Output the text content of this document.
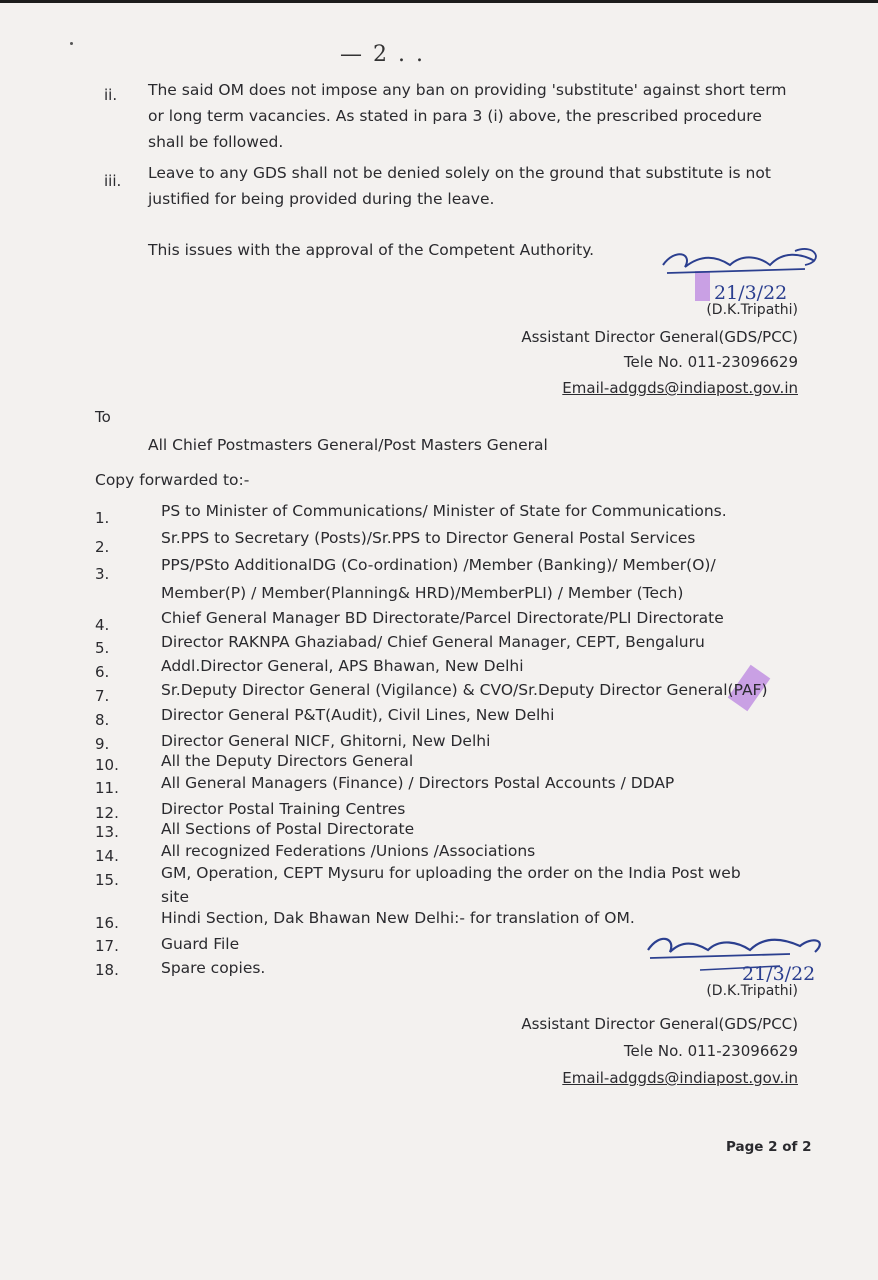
— 2 . .
ii. The said OM does not impose any ban on providing 'substitute' against short term or long term vacancies. As stated in para 3 (i) above, the prescribed procedure shall be followed.
iii. Leave to any GDS shall not be denied solely on the ground that substitute is not justified for being provided during the leave.
This issues with the approval of the Competent Authority.
21/3/22
(D.K.Tripathi)
Assistant Director General(GDS/PCC)
Tele No. 011-23096629
Email-adggds@indiapost.gov.in
To
All Chief Postmasters General/Post Masters General
Copy forwarded to:-
1.	PS to Minister of Communications/ Minister of State for Communications.
2.	Sr.PPS to Secretary (Posts)/Sr.PPS to Director General Postal Services
3.	PPS/PSto AdditionalDG (Co-ordination) /Member (Banking)/ Member(O)/
Member(P) / Member(Planning& HRD)/MemberPLI) / Member (Tech)
4.	Chief General Manager BD Directorate/Parcel Directorate/PLI Directorate
5.	Director RAKNPA Ghaziabad/ Chief General Manager, CEPT, Bengaluru
6.	Addl.Director General, APS Bhawan, New Delhi
7.	Sr.Deputy Director General (Vigilance) & CVO/Sr.Deputy Director General(PAF)
8.	Director General P&T(Audit), Civil Lines, New Delhi
9.	Director General NICF, Ghitorni, New Delhi
10.	All the Deputy Directors General
11.	All General Managers (Finance) / Directors Postal Accounts / DDAP
12.	Director Postal Training Centres
13.	All Sections of Postal Directorate
14.	All recognized Federations /Unions /Associations
15.	GM, Operation, CEPT Mysuru for uploading the order on the India Post web
site
16.	Hindi Section, Dak Bhawan New Delhi:- for translation of OM.
17.	Guard File
18.	Spare copies.	21/3/22
(D.K.Tripathi)
Assistant Director General(GDS/PCC)
Tele No. 011-23096629
Email-adggds@indiapost.gov.in
Page 2 of 2
